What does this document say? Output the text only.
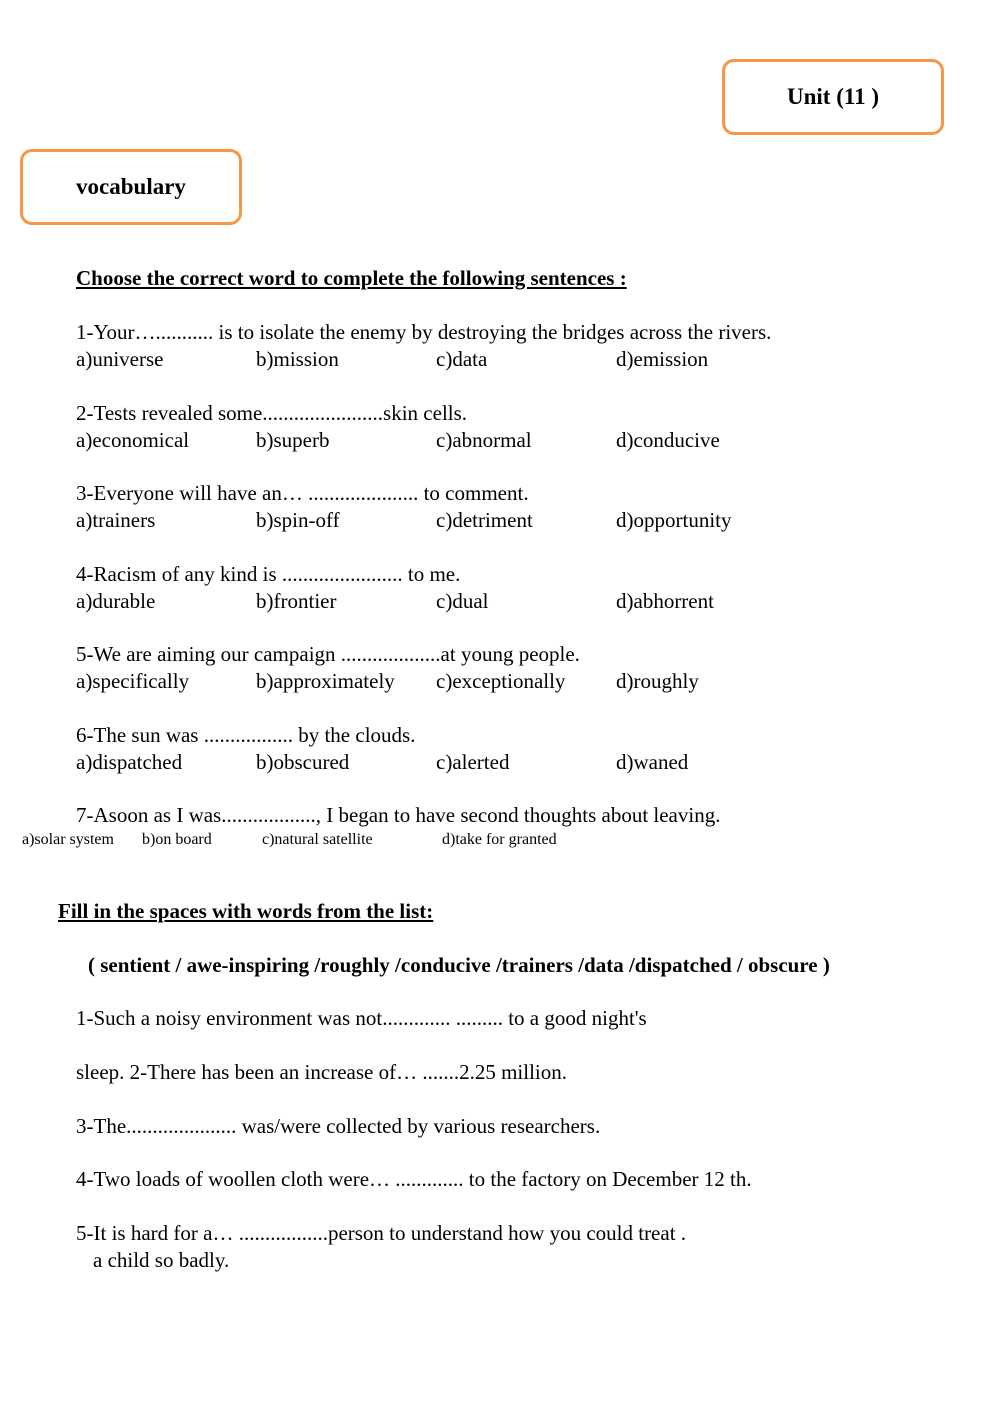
Unit (11 )
vocabulary
Choose the correct word to complete the following sentences :
1-Your…........... is to isolate the enemy by destroying the bridges across the rivers.
a)universe	b)mission	c)data	d)emission
2-Tests revealed some.......................skin cells.
a)economical	b)superb	c)abnormal	d)conducive
3-Everyone will have an… ..................... to comment.
a)trainers	b)spin-off	c)detriment	d)opportunity
4-Racism of any kind is ....................... to me.
a)durable	b)frontier	c)dual	d)abhorrent
5-We are aiming our campaign ...................at young people.
a)specifically	b)approximately c)exceptionally d)roughly
6-The sun was ................. by the clouds.
a)dispatched	b)obscured	c)alerted	d)waned
7-Asoon as I was.................., I began to have second thoughts about leaving.
a)solar system b)on board	c)natural satellite	d)take for granted
Fill in the spaces with words from the list:
( sentient / awe-inspiring /roughly /conducive /trainers /data /dispatched / obscure )
1-Such a noisy environment was not............. ......... to a good night's
sleep. 2-There has been an increase of… .......2.25 million.
3-The..................... was/were collected by various researchers.
4-Two loads of woollen cloth were… ............. to the factory on December 12 th.
5-It is hard for a… .................person to understand how you could treat .
a child so badly.
